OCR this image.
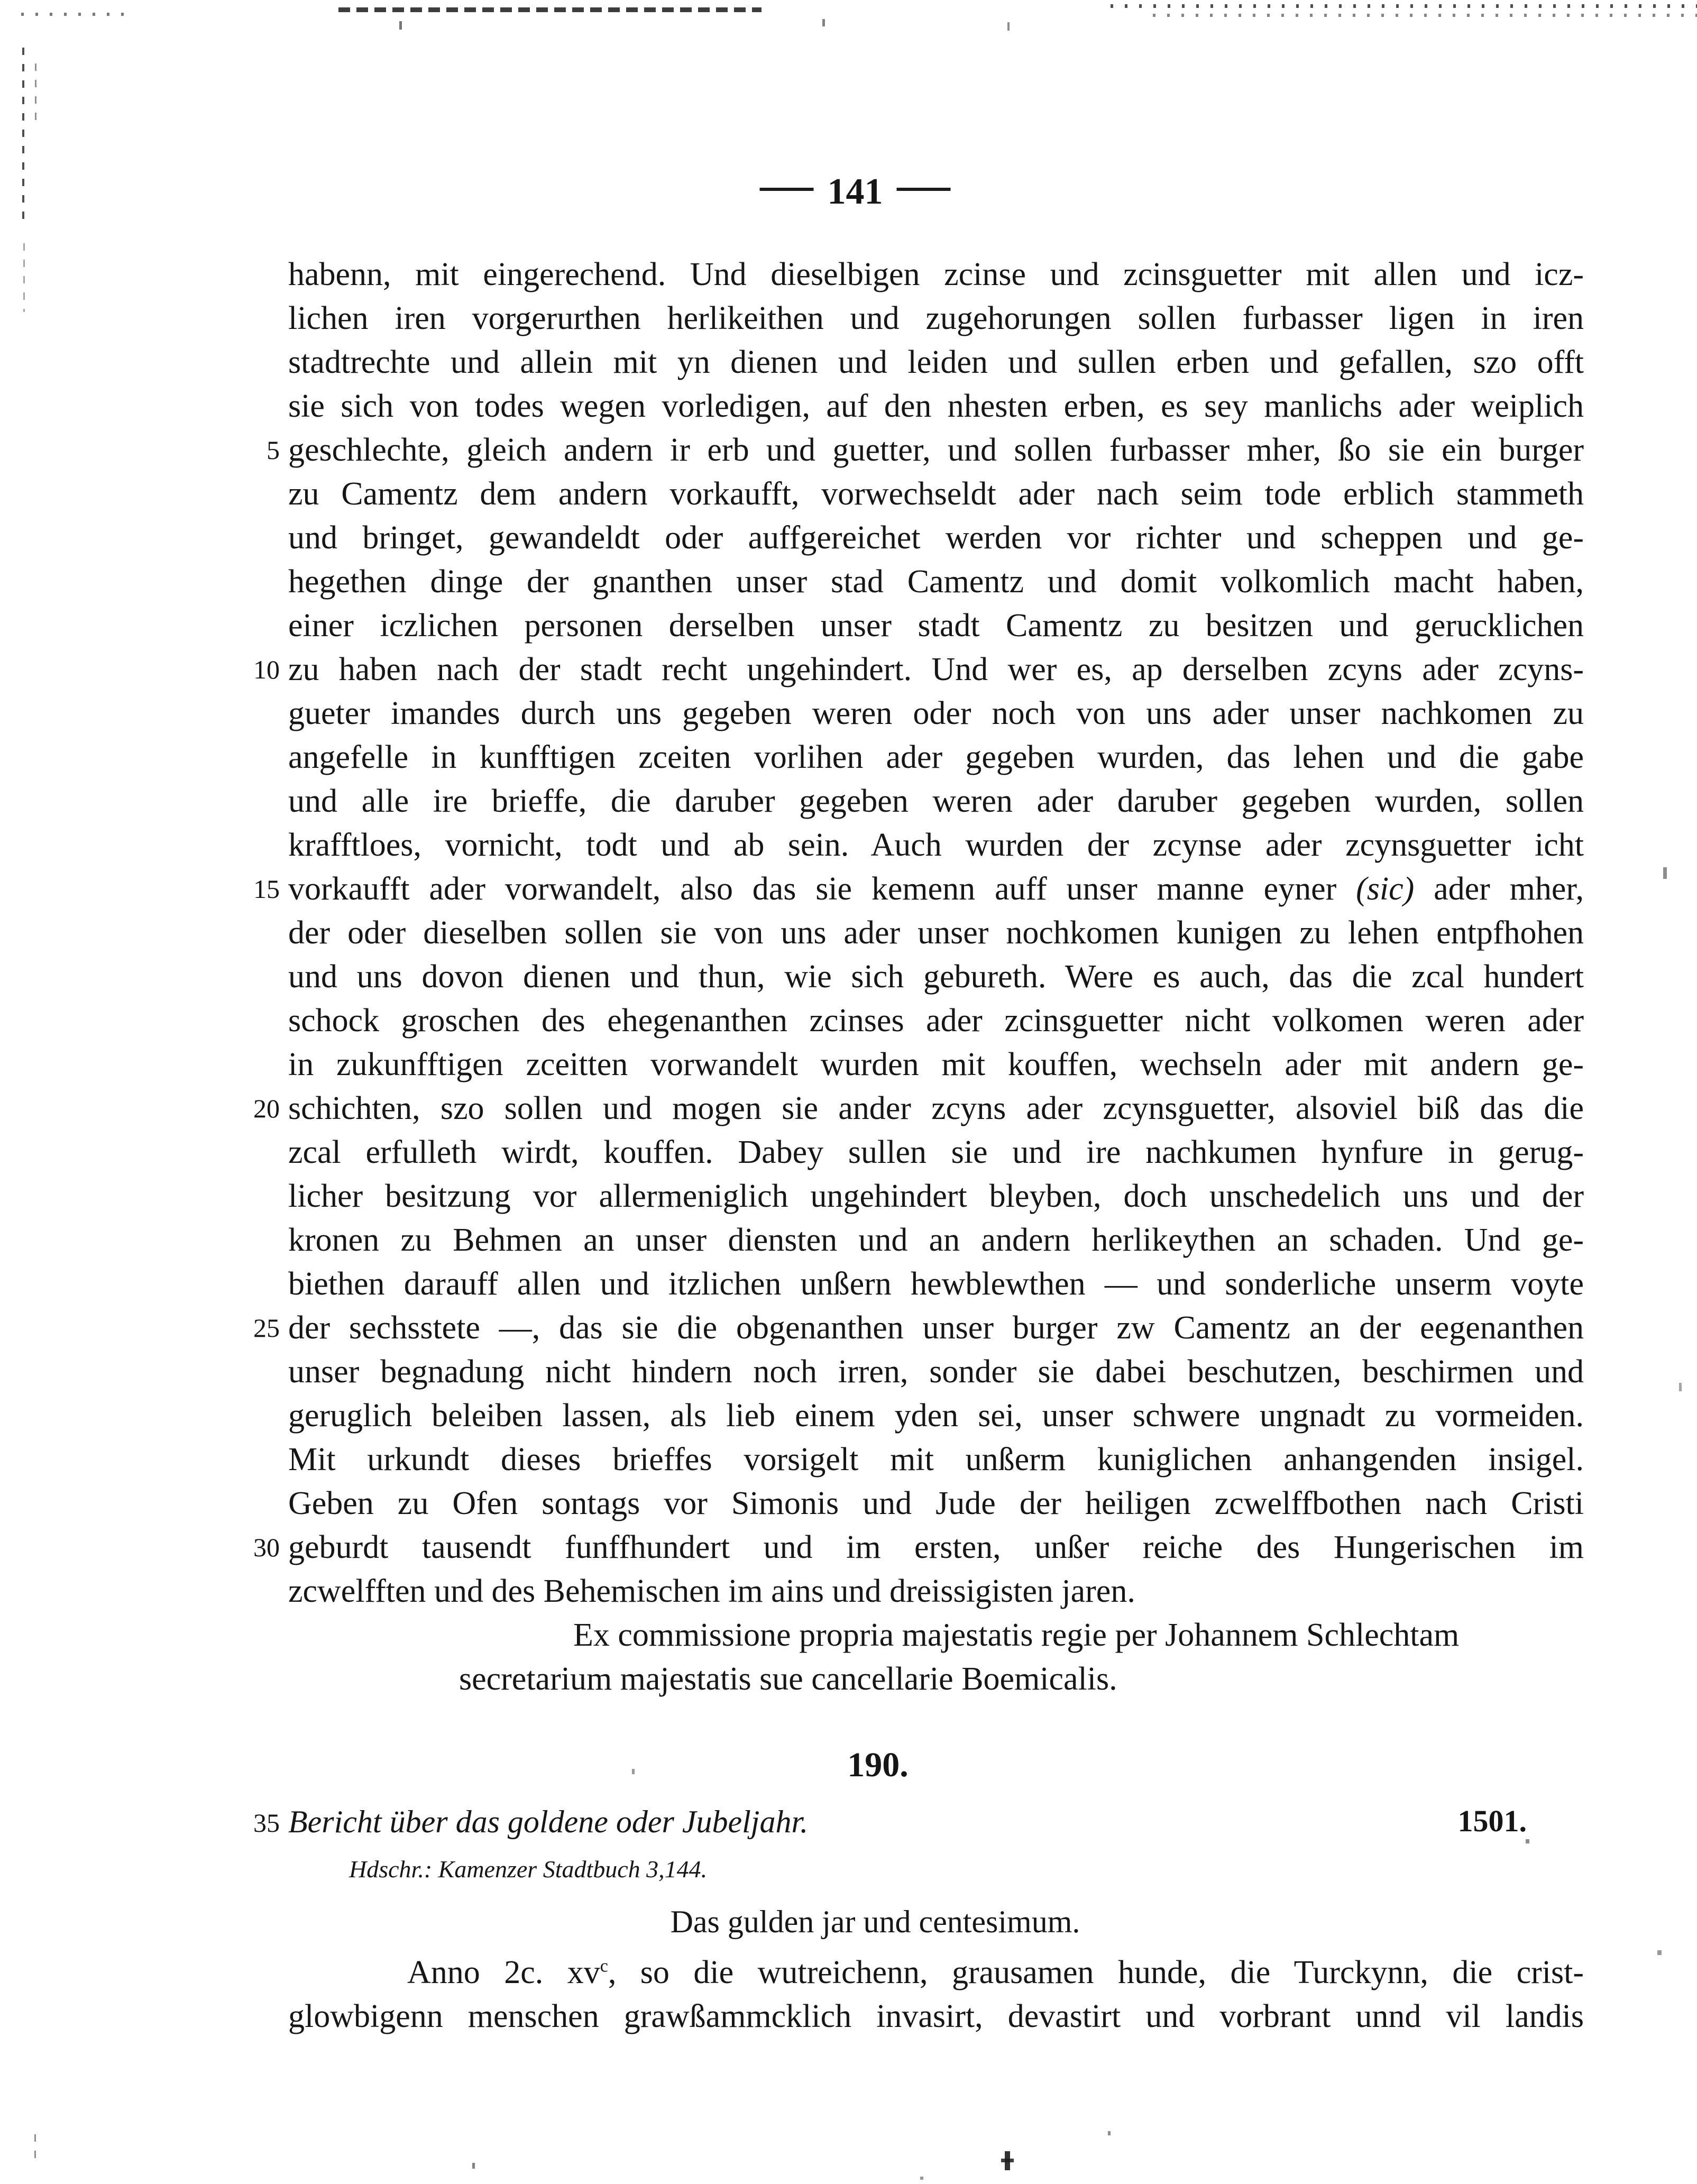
141
habenn, mit eingerechend. Und dieselbigen zcinse und zcinsguetter mit allen und icz-
lichen iren vorgerurthen herlikeithen und zugehorungen sollen furbasser ligen in iren
stadtrechte und allein mit yn dienen und leiden und sullen erben und gefallen, szo offt
sie sich von todes wegen vorledigen, auf den nhesten erben, es sey manlichs ader weiplich
5 geschlechte, gleich andern ir erb und guetter, und sollen furbasser mher, ßo sie ein burger
zu Camentz dem andern vorkaufft, vorwechseldt ader nach seim tode erblich stammeth
und bringet, gewandeldt oder auffgereichet werden vor richter und scheppen und ge-
hegethen dinge der gnanthen unser stad Camentz und domit volkomlich macht haben,
einer iczlichen personen derselben unser stadt Camentz zu besitzen und gerucklichen
10 zu haben nach der stadt recht ungehindert. Und wer es, ap derselben zcyns ader zcyns-
gueter imandes durch uns gegeben weren oder noch von uns ader unser nachkomen zu
angefelle in kunfftigen zceiten vorlihen ader gegeben wurden, das lehen und die gabe
und alle ire brieffe, die daruber gegeben weren ader daruber gegeben wurden, sollen
krafftloes, vornicht, todt und ab sein. Auch wurden der zcynse ader zcynsguetter icht
15 vorkaufft ader vorwandelt, also das sie kemenn auff unser manne eyner (sic) ader mher,
der oder dieselben sollen sie von uns ader unser nochkomen kunigen zu lehen entpfhohen
und uns dovon dienen und thun, wie sich gebureth. Were es auch, das die zcal hundert
schock groschen des ehegenanthen zcinses ader zcinsguetter nicht volkomen weren ader
in zukunfftigen zceitten vorwandelt wurden mit kouffen, wechseln ader mit andern ge-
20 schichten, szo sollen und mogen sie ander zcyns ader zcynsguetter, alsoviel biß das die
zcal erfulleth wirdt, kouffen. Dabey sullen sie und ire nachkumen hynfure in gerug-
licher besitzung vor allermeniglich ungehindert bleyben, doch unschedelich uns und der
kronen zu Behmen an unser diensten und an andern herlikeythen an schaden. Und ge-
biethen darauff allen und itzlichen unßern hewblewthen — und sonderliche unserm voyte
25 der sechsstete —, das sie die obgenanthen unser burger zw Camentz an der eegenanthen
unser begnadung nicht hindern noch irren, sonder sie dabei beschutzen, beschirmen und
geruglich beleiben lassen, als lieb einem yden sei, unser schwere ungnadt zu vormeiden.
Mit urkundt dieses brieffes vorsigelt mit unßerm kuniglichen anhangenden insigel.
Geben zu Ofen sontags vor Simonis und Jude der heiligen zcwelffbothen nach Cristi
30 geburdt tausendt funffhundert und im ersten, unßer reiche des Hungerischen im
zcwelfften und des Behemischen im ains und dreissigisten jaren.
Ex commissione propria majestatis regie per Johannem Schlechtam
secretarium majestatis sue cancellarie Boemicalis.
190.
35 Bericht über das goldene oder Jubeljahr.	1501.
Hdschr.: Kamenzer Stadtbuch 3,144.
Das gulden jar und centesimum.
Anno 2c. $xv^c$, so die wutreichenn, grausamen hunde, die Turckynn, die crist-
glowbigenn menschen grawßammcklich invasirt, devastirt und vorbrant unnd vil landis
